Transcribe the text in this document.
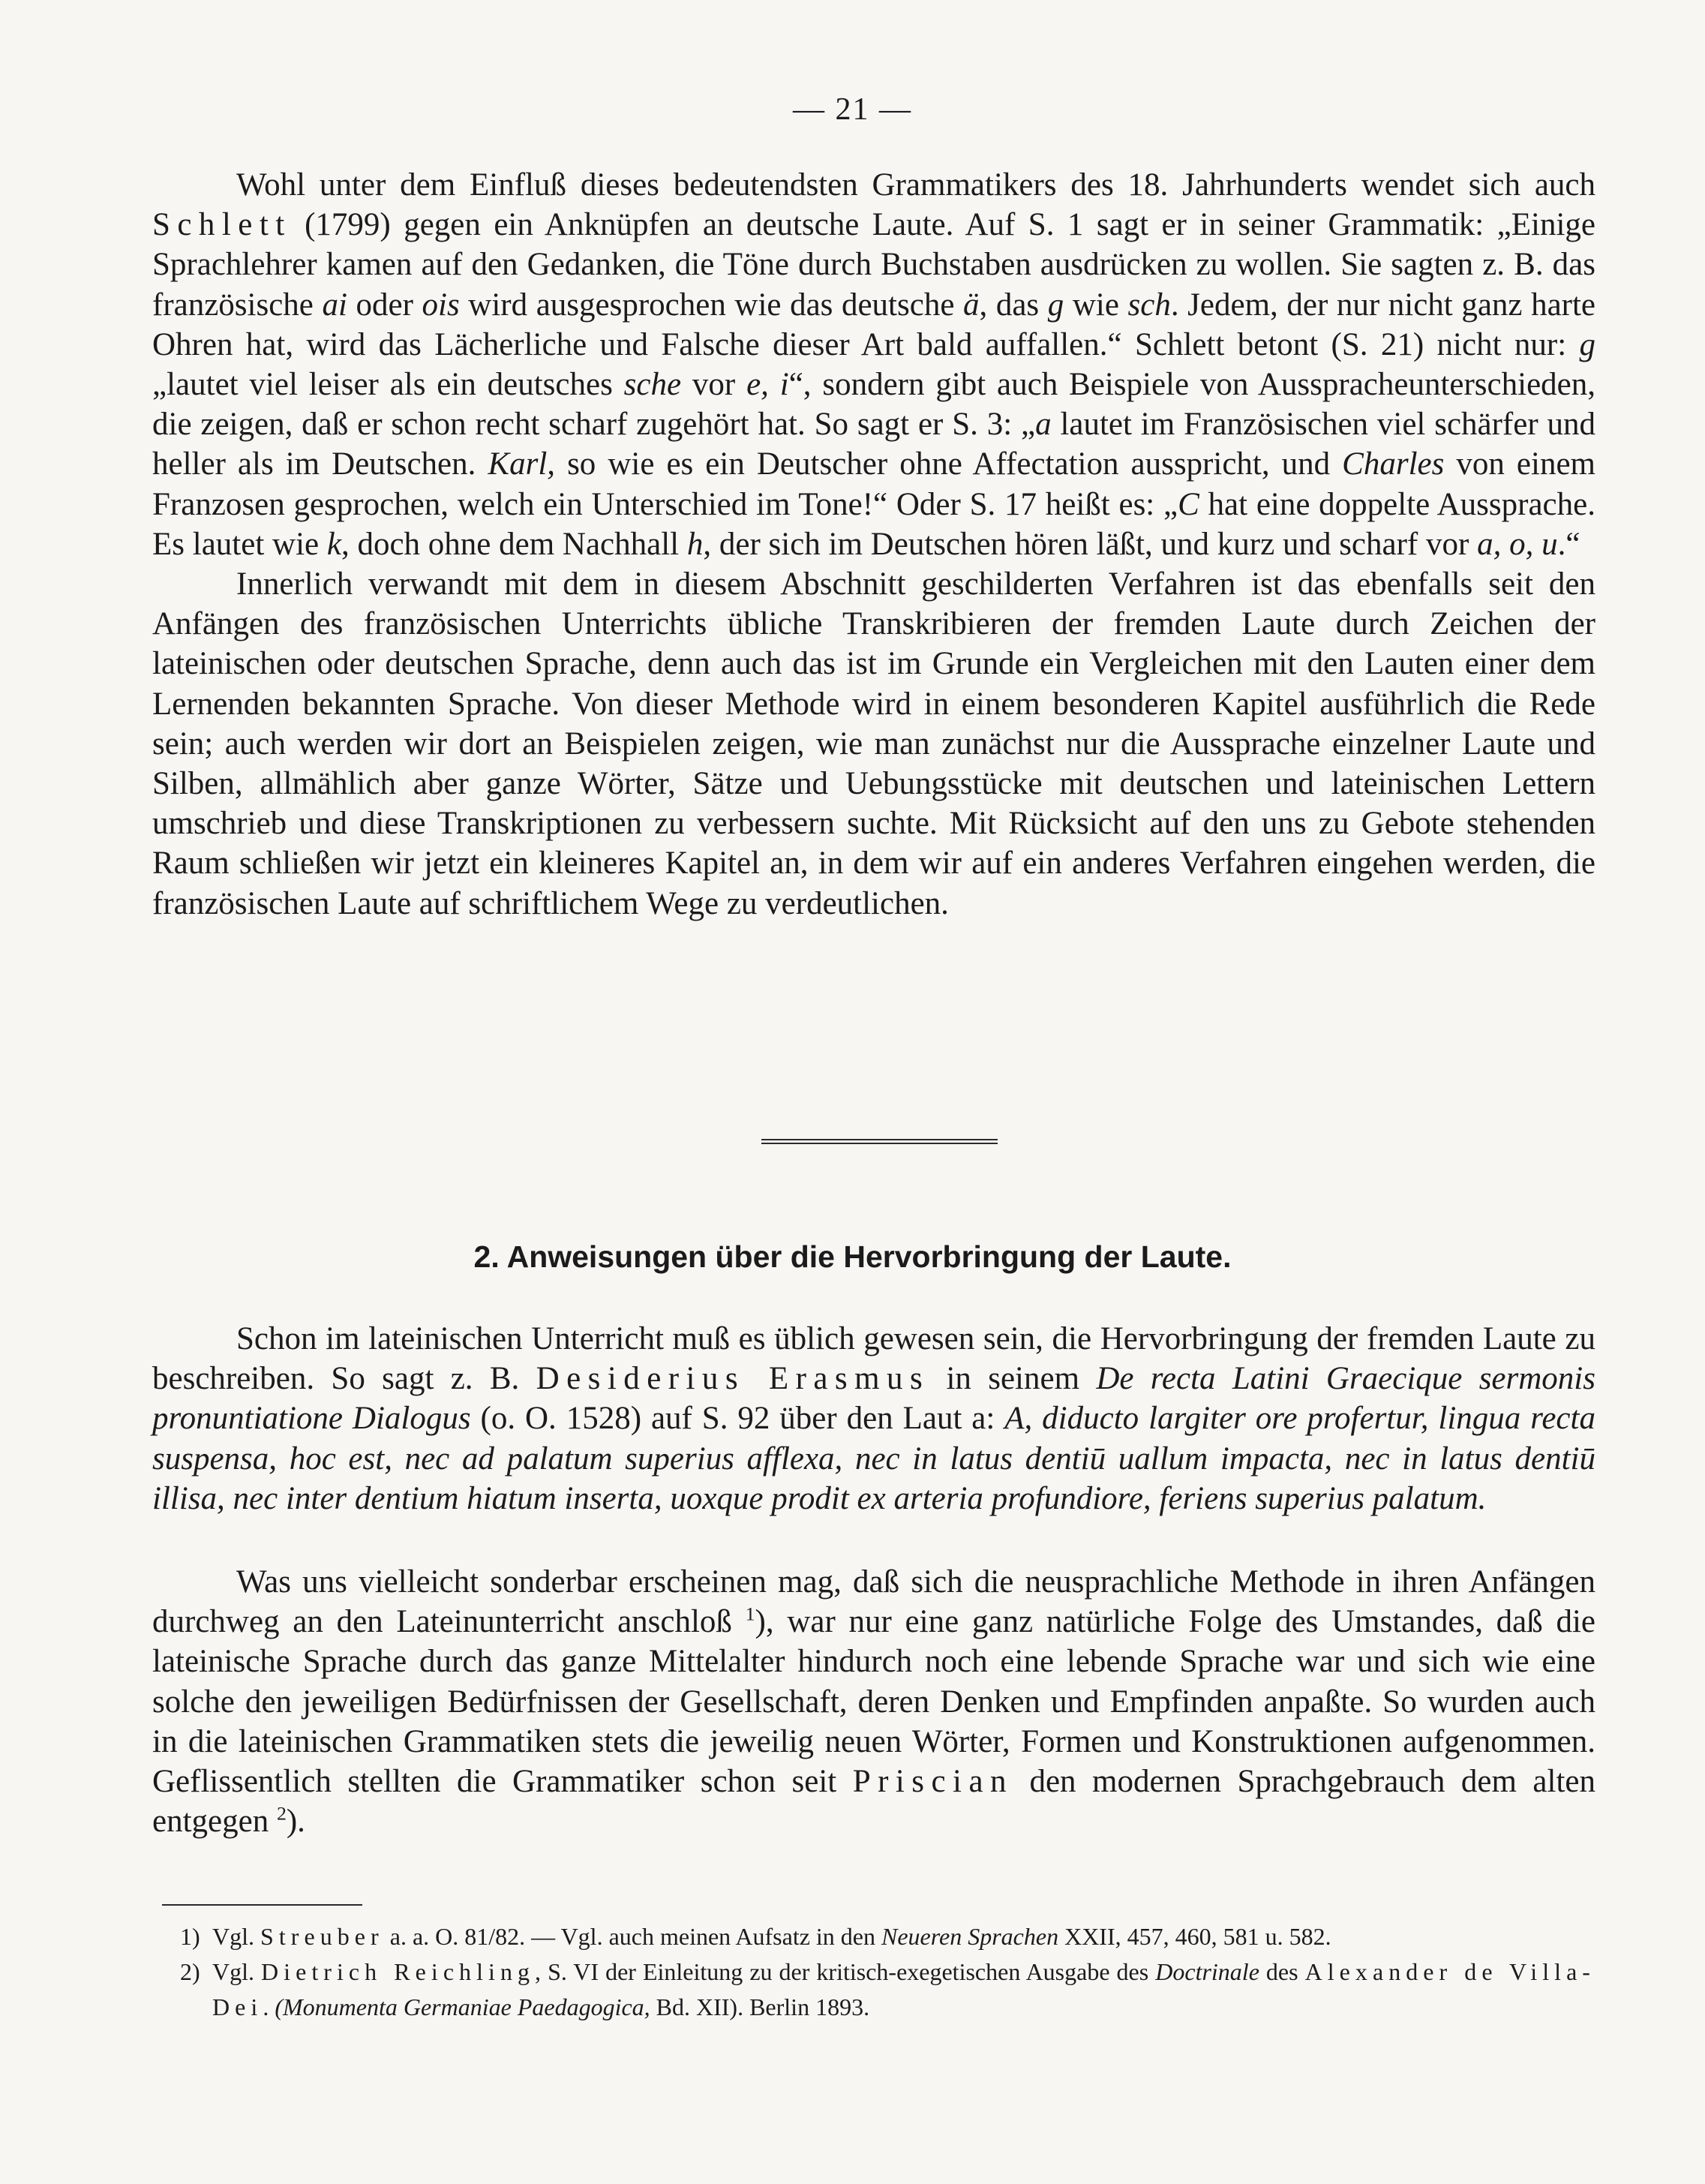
— 21 —

Wohl unter dem Einfluß dieses bedeutendsten Grammatikers des 18. Jahrhunderts wendet sich auch Schlett (1799) gegen ein Anknüpfen an deutsche Laute. Auf S. 1 sagt er in seiner Grammatik: „Einige Sprachlehrer kamen auf den Gedanken, die Töne durch Buchstaben ausdrücken zu wollen. Sie sagten z. B. das französische ai oder ois wird ausgesprochen wie das deutsche ä, das g wie sch. Jedem, der nur nicht ganz harte Ohren hat, wird das Lächerliche und Falsche dieser Art bald auffallen.“ Schlett betont (S. 21) nicht nur: g „lautet viel leiser als ein deutsches sche vor e, i“, sondern gibt auch Beispiele von Ausspracheunterschieden, die zeigen, daß er schon recht scharf zugehört hat. So sagt er S. 3: „a lautet im Französischen viel schärfer und heller als im Deutschen. Karl, so wie es ein Deutscher ohne Affectation ausspricht, und Charles von einem Franzosen gesprochen, welch ein Unterschied im Tone!“ Oder S. 17 heißt es: „C hat eine doppelte Aussprache. Es lautet wie k, doch ohne dem Nachhall h, der sich im Deutschen hören läßt, und kurz und scharf vor a, o, u.“

Innerlich verwandt mit dem in diesem Abschnitt geschilderten Verfahren ist das ebenfalls seit den Anfängen des französischen Unterrichts übliche Transkribieren der fremden Laute durch Zeichen der lateinischen oder deutschen Sprache, denn auch das ist im Grunde ein Vergleichen mit den Lauten einer dem Lernenden bekannten Sprache. Von dieser Methode wird in einem besonderen Kapitel ausführlich die Rede sein; auch werden wir dort an Beispielen zeigen, wie man zunächst nur die Aussprache einzelner Laute und Silben, allmählich aber ganze Wörter, Sätze und Uebungsstücke mit deutschen und lateinischen Lettern umschrieb und diese Transkriptionen zu verbessern suchte. Mit Rücksicht auf den uns zu Gebote stehenden Raum schließen wir jetzt ein kleineres Kapitel an, in dem wir auf ein anderes Verfahren eingehen werden, die französischen Laute auf schriftlichem Wege zu verdeutlichen.

2. Anweisungen über die Hervorbringung der Laute.

Schon im lateinischen Unterricht muß es üblich gewesen sein, die Hervorbringung der fremden Laute zu beschreiben. So sagt z. B. Desiderius Erasmus in seinem De recta Latini Graecique sermonis pronuntiatione Dialogus (o. O. 1528) auf S. 92 über den Laut a: A, diducto largiter ore profertur, lingua recta suspensa, hoc est, nec ad palatum superius afflexa, nec in latus dentiū uallum impacta, nec in latus dentiū illisa, nec inter dentium hiatum inserta, uoxque prodit ex arteria profundiore, feriens superius palatum.

Was uns vielleicht sonderbar erscheinen mag, daß sich die neusprachliche Methode in ihren Anfängen durchweg an den Lateinunterricht anschloß $^1$), war nur eine ganz natürliche Folge des Umstandes, daß die lateinische Sprache durch das ganze Mittelalter hindurch noch eine lebende Sprache war und sich wie eine solche den jeweiligen Bedürfnissen der Gesellschaft, deren Denken und Empfinden anpaßte. So wurden auch in die lateinischen Grammatiken stets die jeweilig neuen Wörter, Formen und Konstruktionen aufgenommen. Geflissentlich stellten die Grammatiker schon seit Priscian den modernen Sprachgebrauch dem alten entgegen $^2$).

1) Vgl. Streuber a. a. O. 81/82. — Vgl. auch meinen Aufsatz in den Neueren Sprachen XXII, 457, 460, 581 u. 582.

2) Vgl. Dietrich Reichling, S. VI der Einleitung zu der kritisch-exegetischen Ausgabe des Doctrinale des Alexander de Villa-Dei. (Monumenta Germaniae Paedagogica, Bd. XII). Berlin 1893.
